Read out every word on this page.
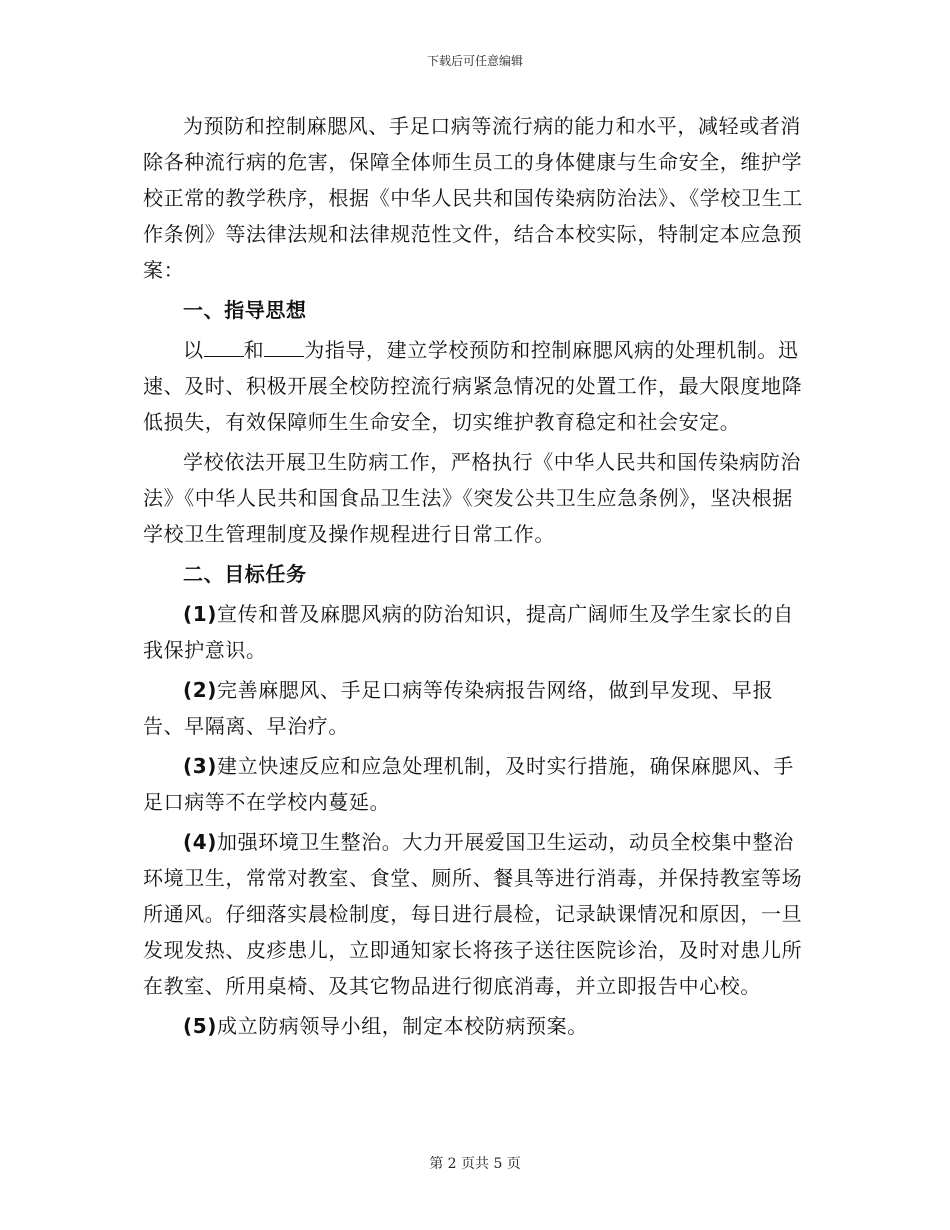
下载后可任意编辑

为预防和控制麻腮风、手足口病等流行病的能力和水平，减轻或者消除各种流行病的危害，保障全体师生员工的身体健康与生命安全，维护学校正常的教学秩序，根据《中华人民共和国传染病防治法》、《学校卫生工作条例》等法律法规和法律规范性文件，结合本校实际，特制定本应急预案：

一、指导思想

以 和 为指导，建立学校预防和控制麻腮风病的处理机制。迅速、及时、积极开展全校防控流行病紧急情况的处置工作，最大限度地降低损失，有效保障师生生命安全，切实维护教育稳定和社会安定。

学校依法开展卫生防病工作，严格执行《中华人民共和国传染病防治法》《中华人民共和国食品卫生法》《突发公共卫生应急条例》，坚决根据学校卫生管理制度及操作规程进行日常工作。

二、目标任务

(1)宣传和普及麻腮风病的防治知识，提高广阔师生及学生家长的自我保护意识。

(2)完善麻腮风、手足口病等传染病报告网络，做到早发现、早报告、早隔离、早治疗。

(3)建立快速反应和应急处理机制，及时实行措施，确保麻腮风、手足口病等不在学校内蔓延。

(4)加强环境卫生整治。大力开展爱国卫生运动，动员全校集中整治环境卫生，常常对教室、食堂、厕所、餐具等进行消毒，并保持教室等场所通风。仔细落实晨检制度，每日进行晨检，记录缺课情况和原因，一旦发现发热、皮疹患儿，立即通知家长将孩子送往医院诊治，及时对患儿所在教室、所用桌椅、及其它物品进行彻底消毒，并立即报告中心校。

(5)成立防病领导小组，制定本校防病预案。

第 2 页共 5 页
